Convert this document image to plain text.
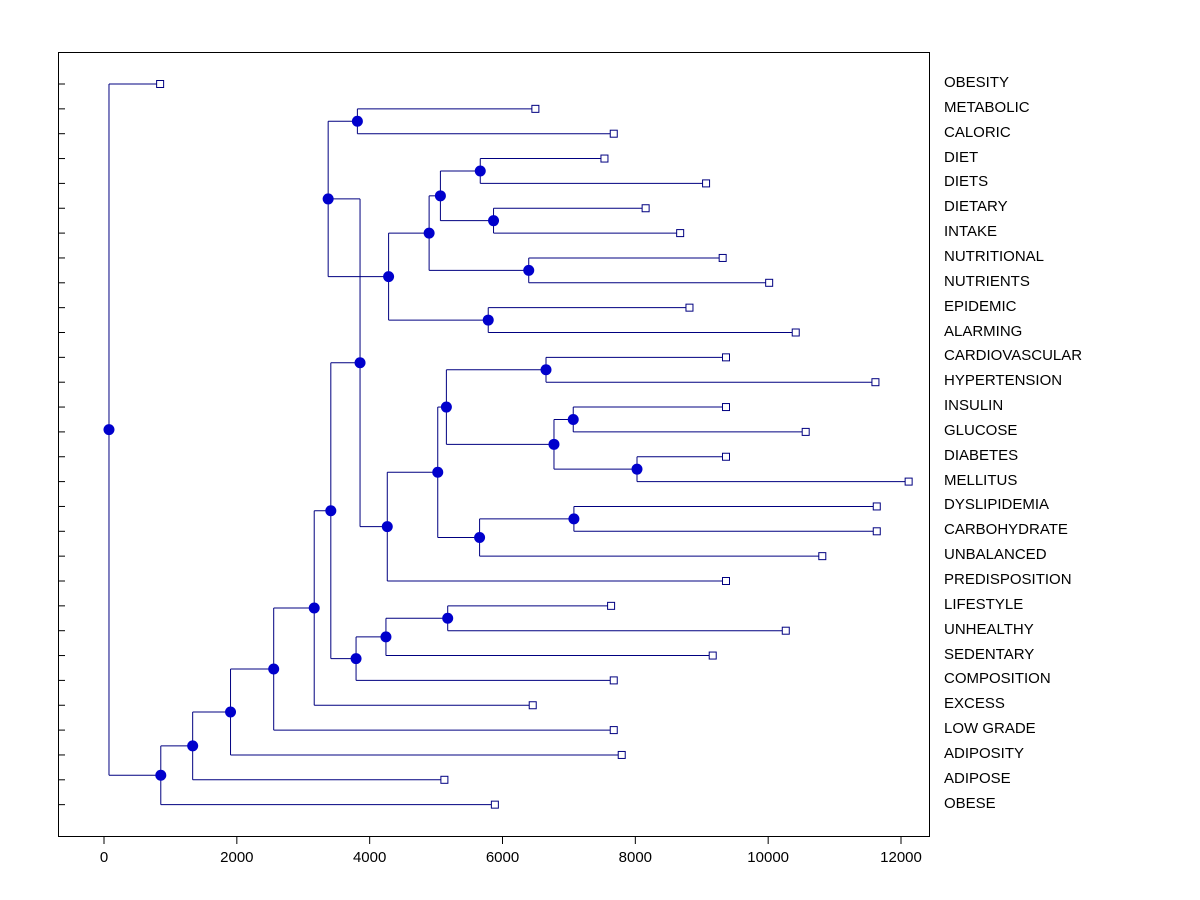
OBESITY
METABOLIC
CALORIC
DIET
DIETS
DIETARY
INTAKE
NUTRITIONAL
NUTRIENTS
EPIDEMIC
ALARMING
CARDIOVASCULAR
HYPERTENSION
INSULIN
GLUCOSE
DIABETES
MELLITUS
DYSLIPIDEMIA
CARBOHYDRATE
UNBALANCED
PREDISPOSITION
LIFESTYLE
UNHEALTHY
SEDENTARY
COMPOSITION
EXCESS
LOW GRADE
ADIPOSITY
ADIPOSE
OBESE
0	2000	4000	6000	8000	10000	12000
